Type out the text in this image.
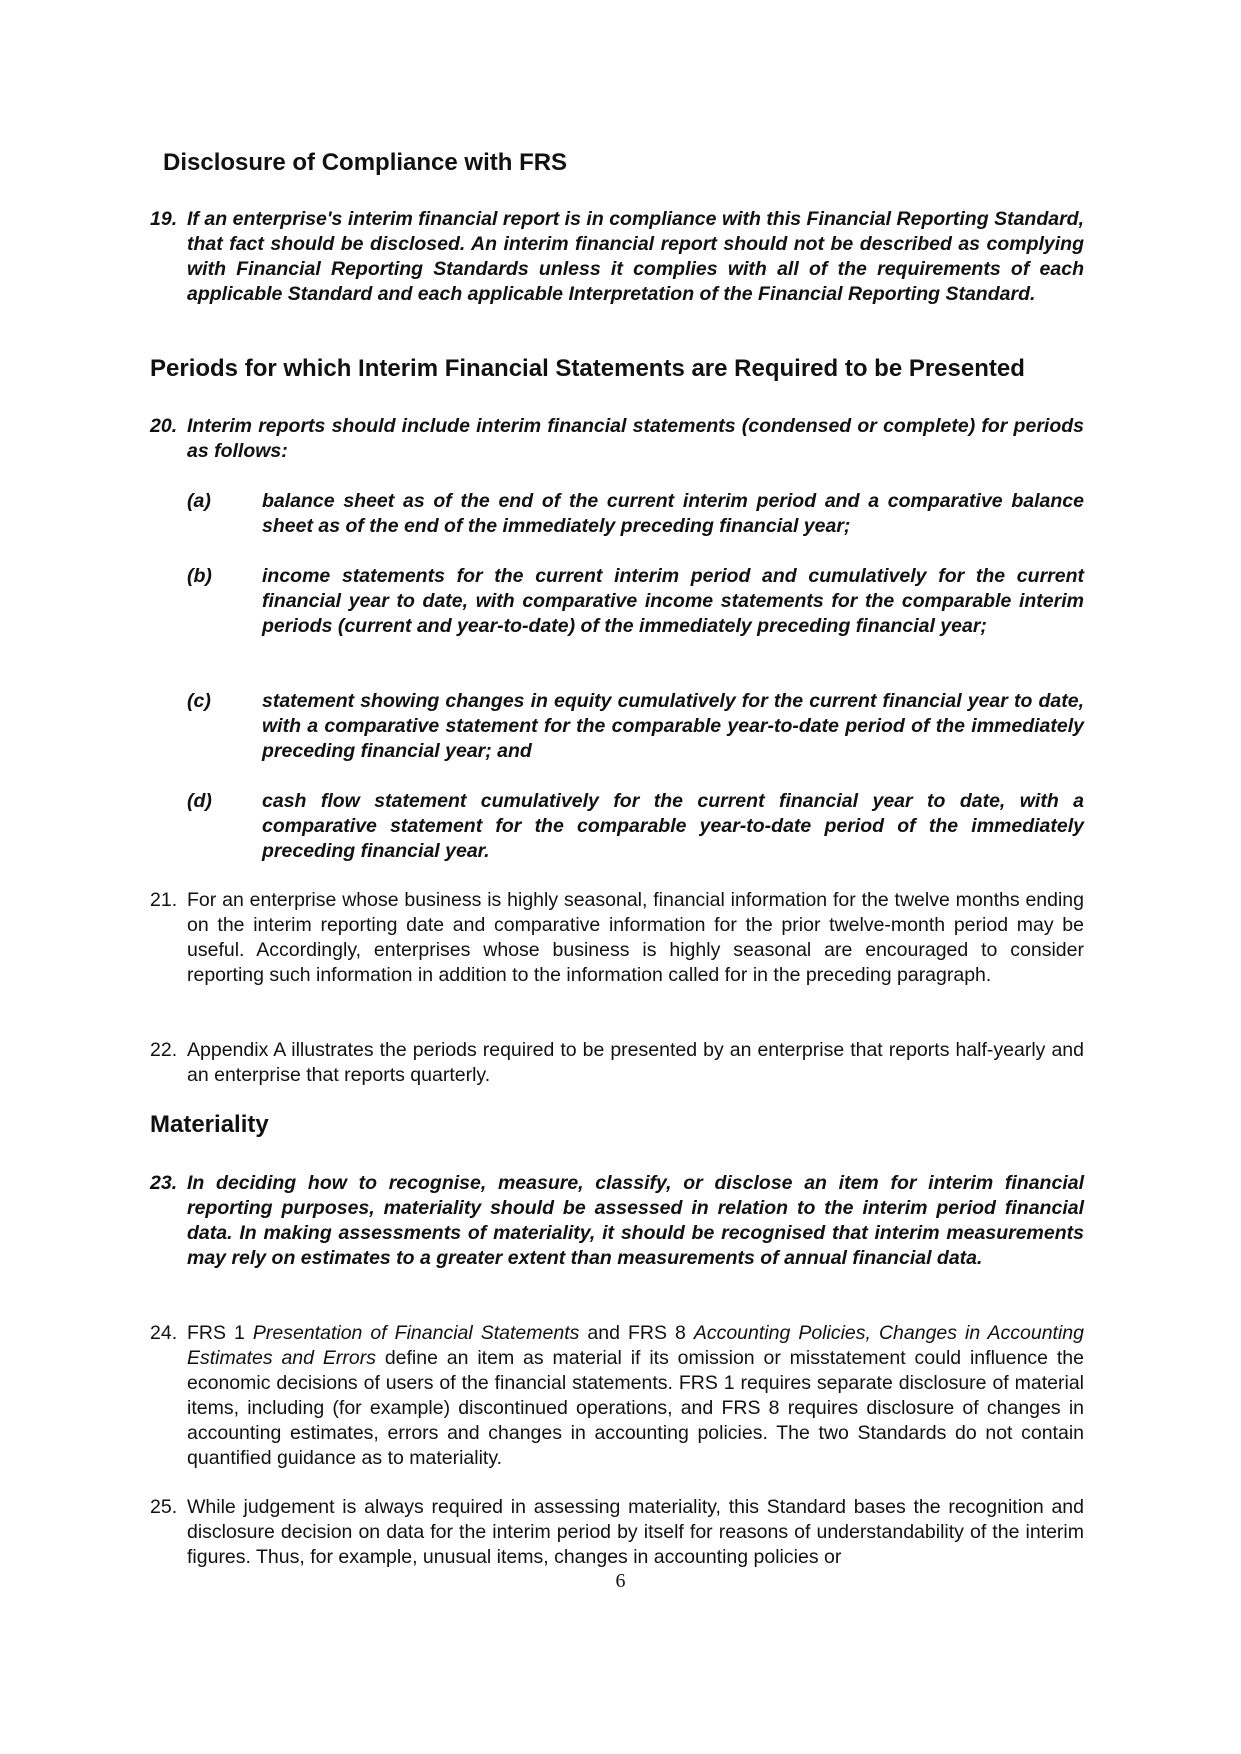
Disclosure of Compliance with FRS
19. If an enterprise's interim financial report is in compliance with this Financial Reporting Standard, that fact should be disclosed. An interim financial report should not be described as complying with Financial Reporting Standards unless it complies with all of the requirements of each applicable Standard and each applicable Interpretation of the Financial Reporting Standard.
Periods for which Interim Financial Statements are Required to be Presented
20. Interim reports should include interim financial statements (condensed or complete) for periods as follows:
(a)	balance sheet as of the end of the current interim period and a comparative balance sheet as of the end of the immediately preceding financial year;
(b)	income statements for the current interim period and cumulatively for the current financial year to date, with comparative income statements for the comparable interim periods (current and year-to-date) of the immediately preceding financial year;
(c)	statement showing changes in equity cumulatively for the current financial year to date, with a comparative statement for the comparable year-to-date period of the immediately preceding financial year; and
(d)	cash flow statement cumulatively for the current financial year to date, with a comparative statement for the comparable year-to-date period of the immediately preceding financial year.
21. For an enterprise whose business is highly seasonal, financial information for the twelve months ending on the interim reporting date and comparative information for the prior twelve-month period may be useful. Accordingly, enterprises whose business is highly seasonal are encouraged to consider reporting such information in addition to the information called for in the preceding paragraph.
22. Appendix A illustrates the periods required to be presented by an enterprise that reports half-yearly and an enterprise that reports quarterly.
Materiality
23. In deciding how to recognise, measure, classify, or disclose an item for interim financial reporting purposes, materiality should be assessed in relation to the interim period financial data. In making assessments of materiality, it should be recognised that interim measurements may rely on estimates to a greater extent than measurements of annual financial data.
24. FRS 1 Presentation of Financial Statements and FRS 8 Accounting Policies, Changes in Accounting Estimates and Errors define an item as material if its omission or misstatement could influence the economic decisions of users of the financial statements. FRS 1 requires separate disclosure of material items, including (for example) discontinued operations, and FRS 8 requires disclosure of changes in accounting estimates, errors and changes in accounting policies. The two Standards do not contain quantified guidance as to materiality.
25. While judgement is always required in assessing materiality, this Standard bases the recognition and disclosure decision on data for the interim period by itself for reasons of understandability of the interim figures. Thus, for example, unusual items, changes in accounting policies or
6
